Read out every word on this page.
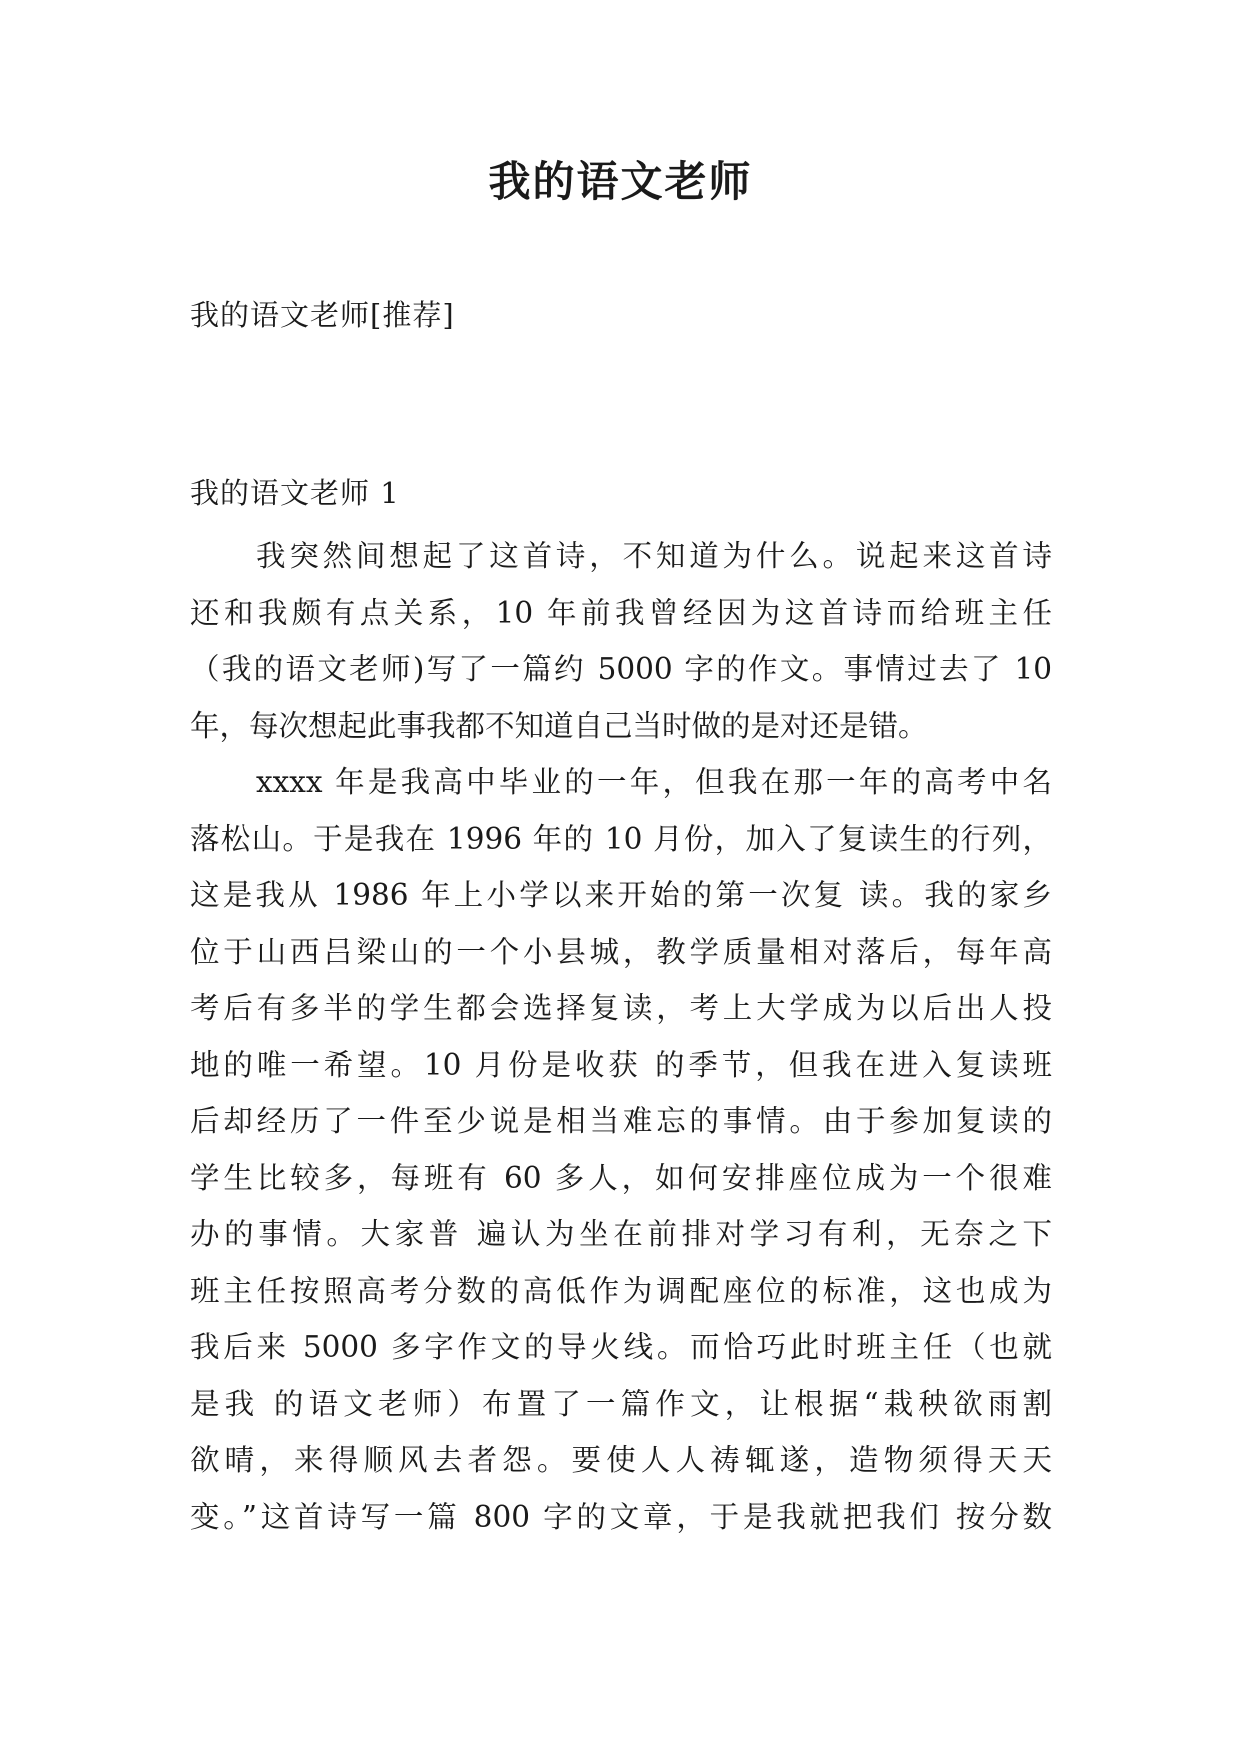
我的语文老师

我的语文老师[推荐]

我的语文老师 1

我突然间想起了这首诗，不知道为什么。说起来这首诗
还和我颇有点关系，10 年前我曾经因为这首诗而给班主任
（我的语文老师)写了一篇约 5000 字的作文。事情过去了 10
年，每次想起此事我都不知道自己当时做的是对还是错。
xxxx 年是我高中毕业的一年，但我在那一年的高考中名
落松山。于是我在 1996 年的 10 月份，加入了复读生的行列，
这是我从 1986 年上小学以来开始的第一次复 读。我的家乡
位于山西吕梁山的一个小县城，教学质量相对落后，每年高
考后有多半的学生都会选择复读，考上大学成为以后出人投
地的唯一希望。10 月份是收获 的季节，但我在进入复读班
后却经历了一件至少说是相当难忘的事情。由于参加复读的
学生比较多，每班有 60 多人，如何安排座位成为一个很难
办的事情。大家普 遍认为坐在前排对学习有利，无奈之下
班主任按照高考分数的高低作为调配座位的标准，这也成为
我后来 5000 多字作文的导火线。而恰巧此时班主任（也就
是我 的语文老师）布置了一篇作文，让根据“栽秧欲雨割
欲晴，来得顺风去者怨。要使人人祷辄遂，造物须得天天
变。”这首诗写一篇 800 字的文章，于是我就把我们 按分数
